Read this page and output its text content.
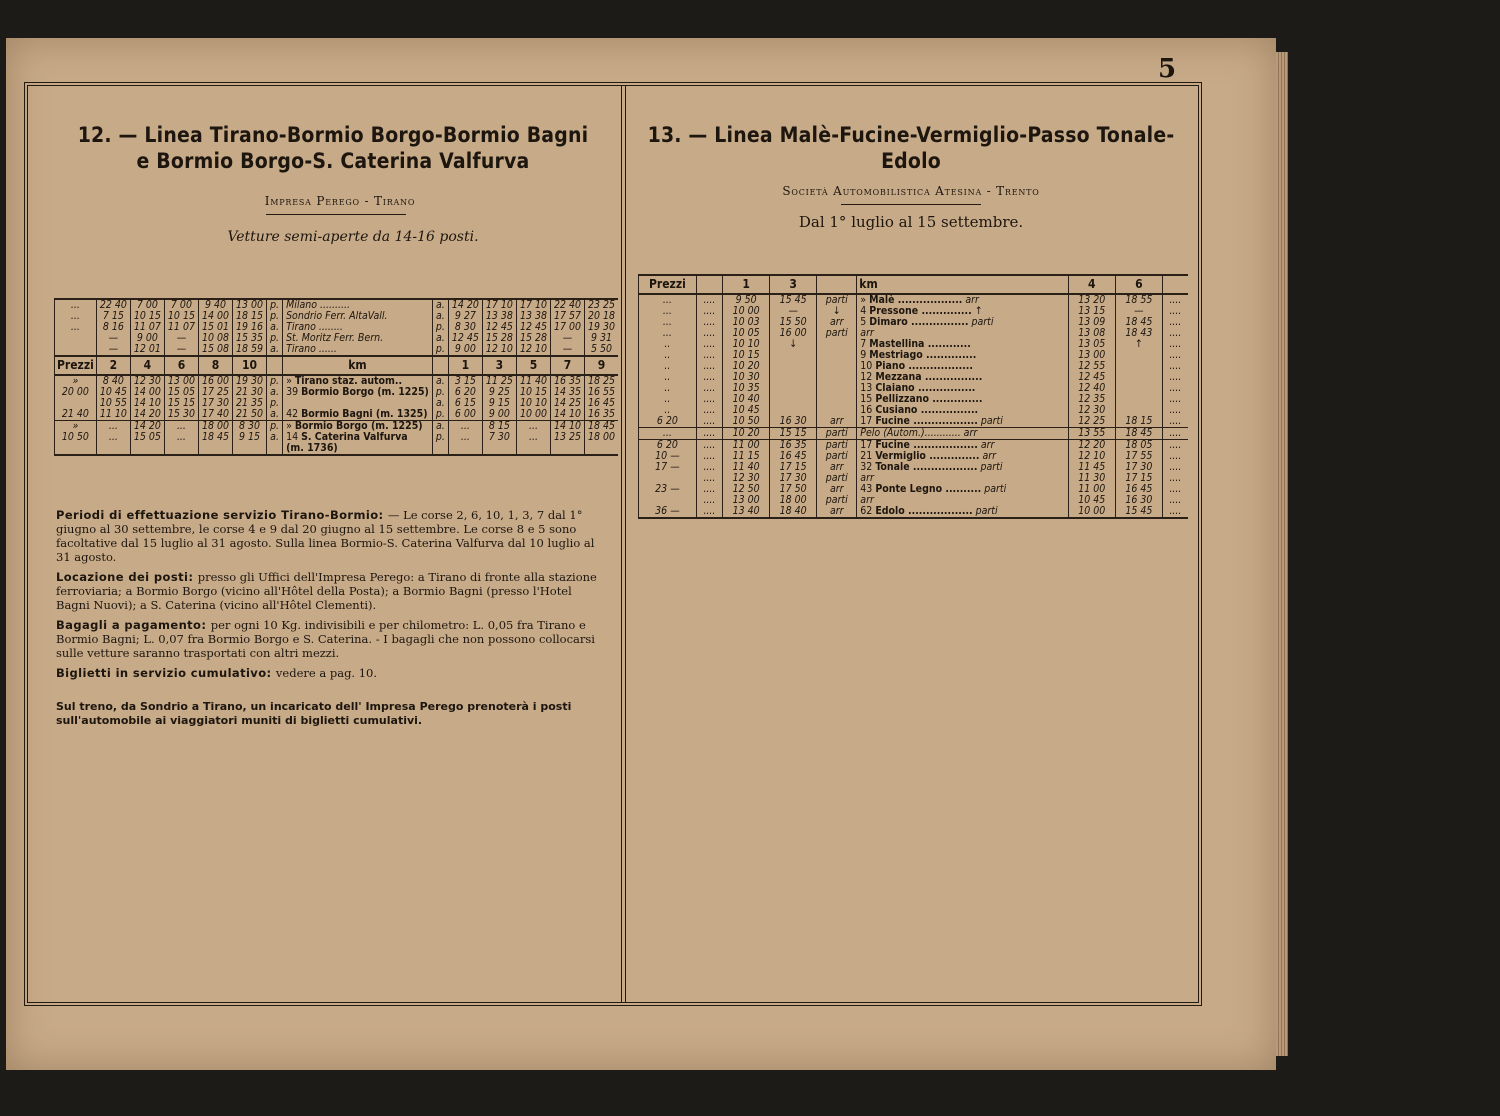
5
12. — Linea Tirano-Bormio Borgo-Bormio Bagni
e Bormio Borgo-S. Caterina Valfurva
Impresa Perego - Tirano
Vetture semi-aperte da 14-16 posti.
...	22 40	7 00	7 00	9 40	13 00	p.	Milano ..........	a.	14 20	17 10	17 10	22 40	23 25
...	7 15	10 15	10 15	14 00	18 15	p.	Sondrio Ferr. AltaVall.	a.	9 27	13 38	13 38	17 57	20 18
...	8 16	11 07	11 07	15 01	19 16	a.	Tirano ........	p.	8 30	12 45	12 45	17 00	19 30
	—	9 00	—	10 08	15 35	p.	St. Moritz Ferr. Bern.	a.	12 45	15 28	15 28	—	9 31
	—	12 01	—	15 08	18 59	a.	Tirano ......	p.	9 00	12 10	12 10	—	5 50
Prezzi	2	4	6	8	10		km		1	3	5	7	9
»	8 40	12 30	13 00	16 00	19 30	p.	» Tirano staz. autom..	a.	3 15	11 25	11 40	16 35	18 25
20 00	10 45	14 00	15 05	17 25	21 30	a.	39 Bormio Borgo (m. 1225)	p.	6 20	9 25	10 15	14 35	16 55
	10 55	14 10	15 15	17 30	21 35	p.		a.	6 15	9 15	10 10	14 25	16 45
21 40	11 10	14 20	15 30	17 40	21 50	a.	42 Bormio Bagni (m. 1325)	p.	6 00	9 00	10 00	14 10	16 35
»	...	14 20	...	18 00	8 30	p.	» Bormio Borgo (m. 1225)	a.	...	8 15	...	14 10	18 45
10 50	...	15 05	...	18 45	9 15	a.	14 S. Caterina Valfurva	p.	...	7 30	...	13 25	18 00
							(m. 1736)						
Periodi di effettuazione servizio Tirano-Bormio: — Le corse 2, 6, 10, 1, 3, 7 dal 1° giugno al 30 settembre, le corse 4 e 9 dal 20 giugno al 15 settembre. Le corse 8 e 5 sono facoltative dal 15 luglio al 31 agosto. Sulla linea Bormio-S. Caterina Valfurva dal 10 luglio al 31 agosto.
Locazione dei posti: presso gli Uffici dell'Impresa Perego: a Tirano di fronte alla stazione ferroviaria; a Bormio Borgo (vicino all'Hôtel della Posta); a Bormio Bagni (presso l'Hotel Bagni Nuovi); a S. Caterina (vicino all'Hôtel Clementi).
Bagagli a pagamento: per ogni 10 Kg. indivisibili e per chilometro: L. 0,05 fra Tirano e Bormio Bagni; L. 0,07 fra Bormio Borgo e S. Caterina. - I bagagli che non possono collocarsi sulle vetture saranno trasportati con altri mezzi.
Biglietti in servizio cumulativo: vedere a pag. 10.
Sul treno, da Sondrio a Tirano, un incaricato dell' Impresa Perego prenoterà i posti sull'automobile ai viaggiatori muniti di biglietti cumulativi.
13. — Linea Malè-Fucine-Vermiglio-Passo Tonale-Edolo
Società Automobilistica Atesina - Trento
Dal 1° luglio al 15 settembre.
Prezzi		1	3		km	4	6	
...	....	9 50	15 45	parti	» Malè .................. arr	13 20	18 55	....
...	....	10 00	—	↓	4 Pressone .............. ↑	13 15	—	....
...	....	10 03	15 50	arr	5 Dimaro ................ parti	13 09	18 45	....
...	....	10 05	16 00	parti	arr	13 08	18 43	....
..	....	10 10	↓		7 Mastellina ............	13 05	↑	....
..	....	10 15			9 Mestriago ..............	13 00		....
..	....	10 20			10 Piano ..................	12 55		....
..	....	10 30			12 Mezzana ................	12 45		....
..	....	10 35			13 Claiano ................	12 40		....
..	....	10 40			15 Pellizzano ..............	12 35		....
..	....	10 45			16 Cusiano ................	12 30		....
6 20	....	10 50	16 30	arr	17 Fucine .................. parti	12 25	18 15	....
...	....	10 20	15 15	parti	Pelo (Autom.)............ arr	13 55	18 45	....
6 20	....	11 00	16 35	parti	17 Fucine .................. arr	12 20	18 05	....
10 —	....	11 15	16 45	parti	21 Vermiglio .............. arr	12 10	17 55	....
17 —	....	11 40	17 15	arr	32 Tonale .................. parti	11 45	17 30	....
	....	12 30	17 30	parti	arr	11 30	17 15	....
23 —	....	12 50	17 50	arr	43 Ponte Legno .......... parti	11 00	16 45	....
	....	13 00	18 00	parti	arr	10 45	16 30	....
36 —	....	13 40	18 40	arr	62 Edolo .................. parti	10 00	15 45	....
